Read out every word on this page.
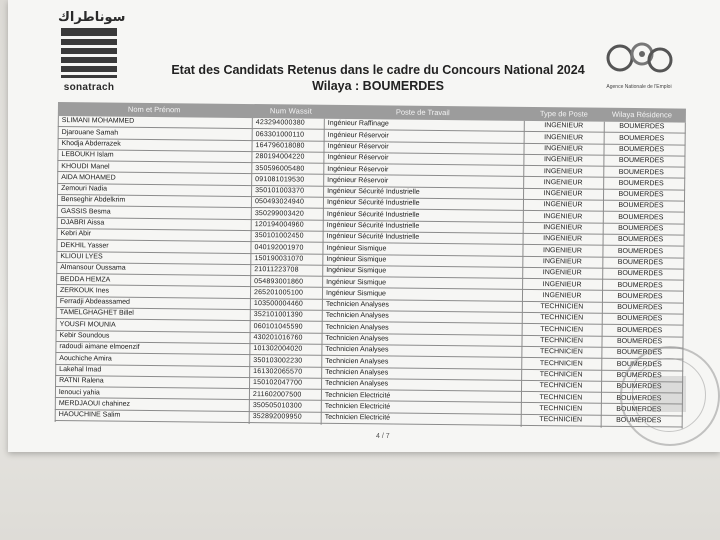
سوناطراك
sonatrach
Etat des Candidats Retenus dans le cadre du Concours National 2024
Wilaya : BOUMERDES	Agence Nationale de l'Emploi
Nom et Prénom	Num Wassit	Poste de Travail	Type de Poste	Wilaya Résidence
SLIMANI MOHAMMED	423294000380	Ingénieur Raffinage	INGENIEUR	BOUMERDES
Djarouane Samah	063301000110	Ingénieur Réservoir	INGENIEUR	BOUMERDES
Khodja Abderrazek	164796018080	Ingénieur Réservoir	INGENIEUR	BOUMERDES
LEBOUKH Islam	280194004220	Ingénieur Réservoir	INGENIEUR	BOUMERDES
KHOUDI Manel	350596005480	Ingénieur Réservoir	INGENIEUR	BOUMERDES
AIDA MOHAMED	091081019530	Ingénieur Réservoir	INGENIEUR	BOUMERDES
Zemouri Nadia	350101003370	Ingénieur Sécurité Industrielle	INGENIEUR	BOUMERDES
Benseghir Abdelkrim	050493024940	Ingénieur Sécurité Industrielle	INGENIEUR	BOUMERDES
GASSIS Besma	350299003420	Ingénieur Sécurité Industrielle	INGENIEUR	BOUMERDES
DJABRI Aissa	120194004960	Ingénieur Sécurité Industrielle	INGENIEUR	BOUMERDES
Kebri Abir	350101002450	Ingénieur Sécurité Industrielle	INGENIEUR	BOUMERDES
DEKHIL Yasser	040192001970	Ingénieur Sismique	INGENIEUR	BOUMERDES
KLIOUI LYES	150190031070	Ingénieur Sismique	INGENIEUR	BOUMERDES
Almansour Oussama	21011223708	Ingénieur Sismique	INGENIEUR	BOUMERDES
BEDDA HEMZA	054893001860	Ingénieur Sismique	INGENIEUR	BOUMERDES
ZERKOUK Ines	265201005100	Ingénieur Sismique	INGENIEUR	BOUMERDES
Ferradji Abdeassamed	103500004460	Technicien Analyses	TECHNICIEN	BOUMERDES
TAMELGHAGHET Billel	352101001390	Technicien Analyses	TECHNICIEN	BOUMERDES
YOUSFI MOUNIA	060101045590	Technicien Analyses	TECHNICIEN	BOUMERDES
Kebir Soundous	430201016760	Technicien Analyses	TECHNICIEN	BOUMERDES
radoudi aimane elmoenzif	101302004020	Technicien Analyses	TECHNICIEN	BOUMERDES
Aouchiche Amira	350103002230	Technicien Analyses	TECHNICIEN	BOUMERDES
Lakehal Imad	161302065570	Technicien Analyses	TECHNICIEN	BOUMERDES
RATNI Ralena	150102047700	Technicien Analyses	TECHNICIEN	BOUMERDES
lenouci yahia	211602007500	Technicien Electricité	TECHNICIEN	BOUMERDES
MERDJAOUI chahinez	350505010300	Technicien Electricité	TECHNICIEN	BOUMERDES
HAOUCHINE Salim	352892009950	Technicien Electricité	TECHNICIEN	BOUMERDES
4 / 7
